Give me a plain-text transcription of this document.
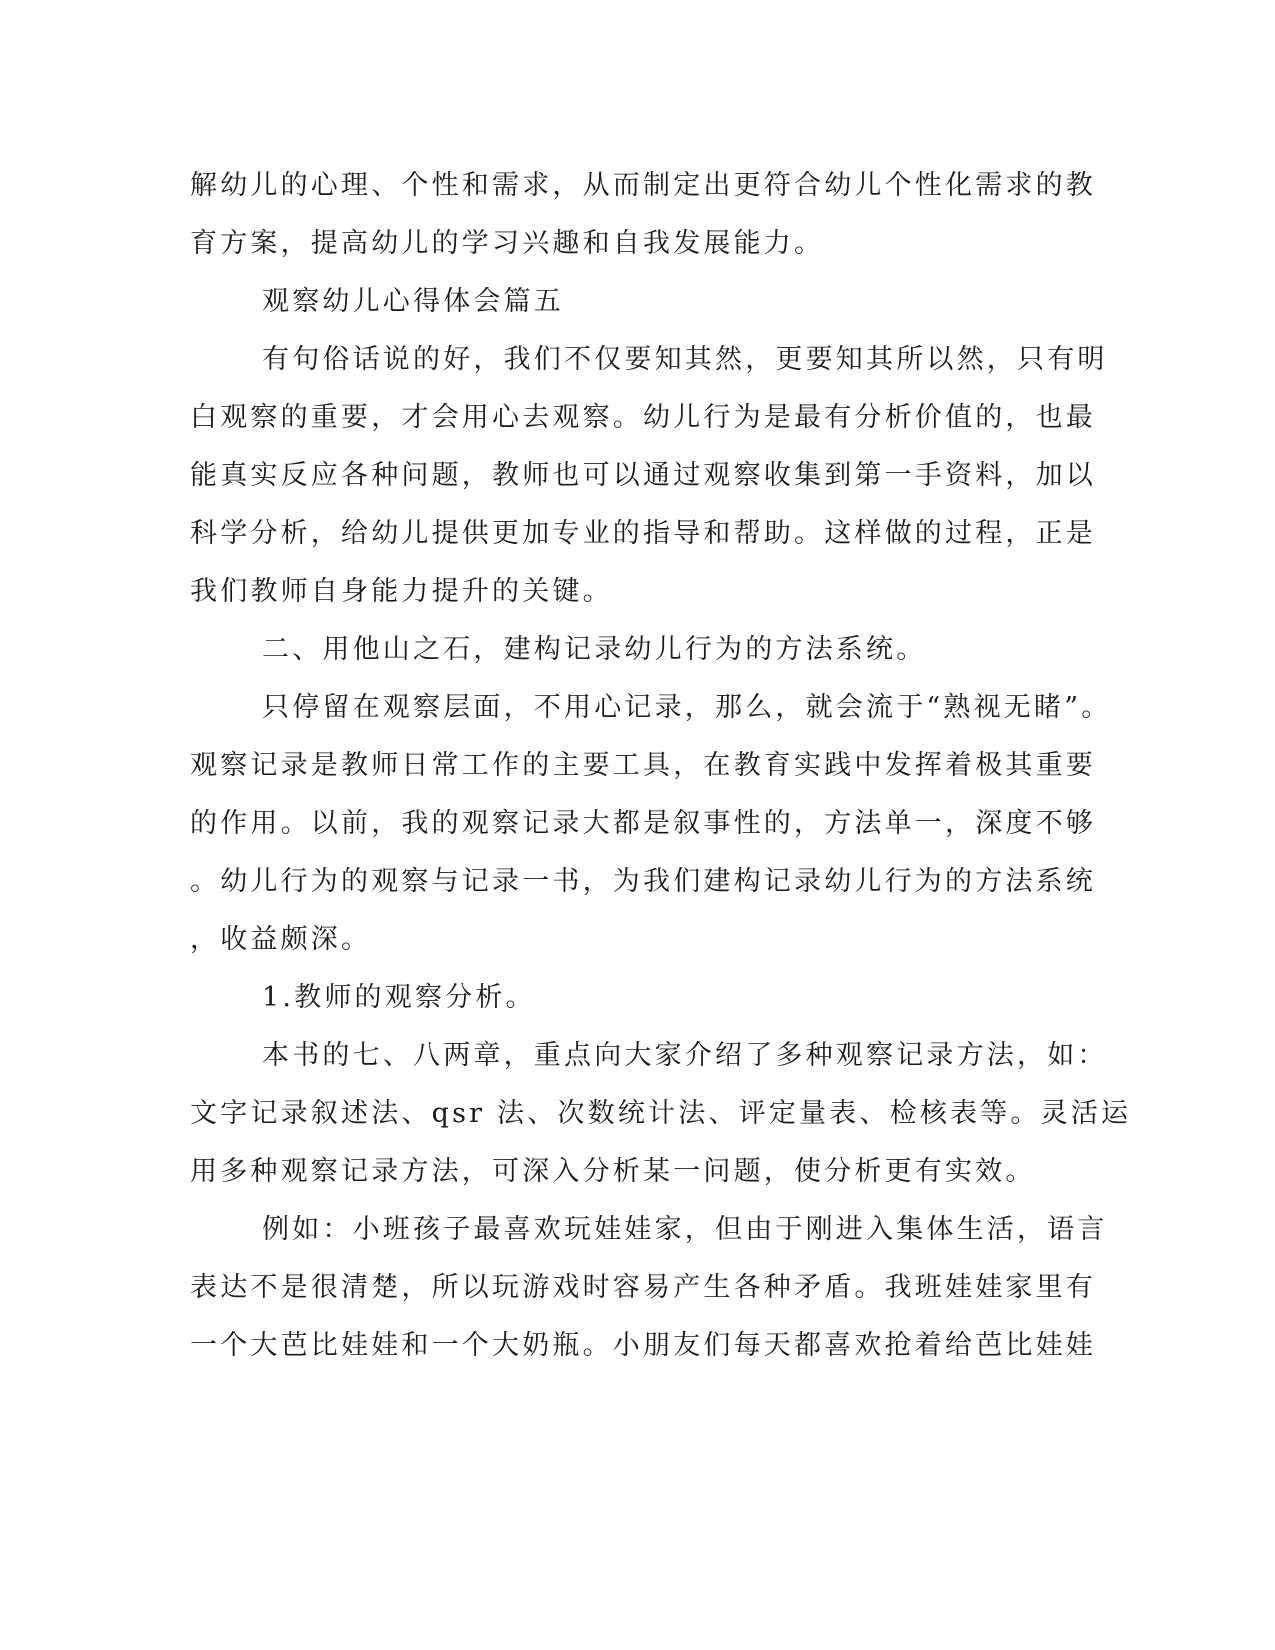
解幼儿的心理、个性和需求，从而制定出更符合幼儿个性化需求的教

育方案，提高幼儿的学习兴趣和自我发展能力。

观察幼儿心得体会篇五

有句俗话说的好，我们不仅要知其然，更要知其所以然，只有明

白观察的重要，才会用心去观察。幼儿行为是最有分析价值的，也最

能真实反应各种问题，教师也可以通过观察收集到第一手资料，加以

科学分析，给幼儿提供更加专业的指导和帮助。这样做的过程，正是

我们教师自身能力提升的关键。

二、用他山之石，建构记录幼儿行为的方法系统。

只停留在观察层面，不用心记录，那么，就会流于“熟视无睹”。

观察记录是教师日常工作的主要工具，在教育实践中发挥着极其重要

的作用。以前，我的观察记录大都是叙事性的，方法单一，深度不够

。幼儿行为的观察与记录一书，为我们建构记录幼儿行为的方法系统

，收益颇深。

1.教师的观察分析。

本书的七、八两章，重点向大家介绍了多种观察记录方法，如：

文字记录叙述法、qsr 法、次数统计法、评定量表、检核表等。灵活运

用多种观察记录方法，可深入分析某一问题，使分析更有实效。

例如：小班孩子最喜欢玩娃娃家，但由于刚进入集体生活，语言

表达不是很清楚，所以玩游戏时容易产生各种矛盾。我班娃娃家里有

一个大芭比娃娃和一个大奶瓶。小朋友们每天都喜欢抢着给芭比娃娃
